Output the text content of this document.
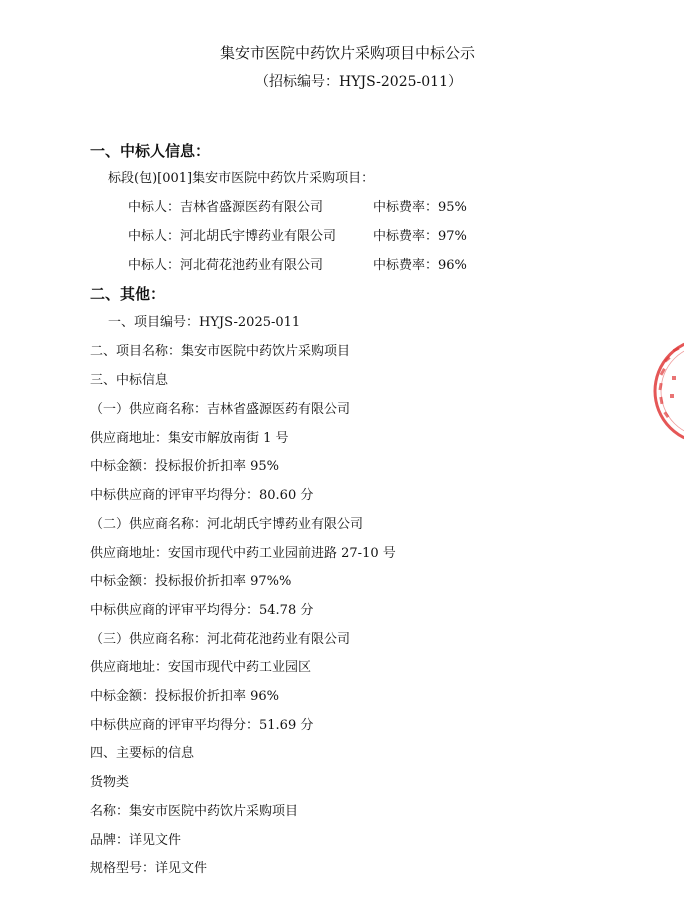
集安市医院中药饮片采购项目中标公示
（招标编号：HYJS-2025-011）
一、中标人信息：
标段(包)[001]集安市医院中药饮片采购项目：
中标人：吉林省盛源医药有限公司	中标费率：95%
中标人：河北胡氏宇博药业有限公司	中标费率：97%
中标人：河北荷花池药业有限公司	中标费率：96%
二、其他：
一、项目编号：HYJS-2025-011
二、项目名称：集安市医院中药饮片采购项目
三、中标信息
（一）供应商名称：吉林省盛源医药有限公司
供应商地址：集安市解放南街 1 号
中标金额：投标报价折扣率 95%
中标供应商的评审平均得分：80.60 分
（二）供应商名称：河北胡氏宇博药业有限公司
供应商地址：安国市现代中药工业园前进路 27-10 号
中标金额：投标报价折扣率 97%%
中标供应商的评审平均得分：54.78 分
（三）供应商名称：河北荷花池药业有限公司
供应商地址：安国市现代中药工业园区
中标金额：投标报价折扣率 96%
中标供应商的评审平均得分：51.69 分
四、主要标的信息
货物类
名称：集安市医院中药饮片采购项目
品牌：详见文件
规格型号：详见文件
